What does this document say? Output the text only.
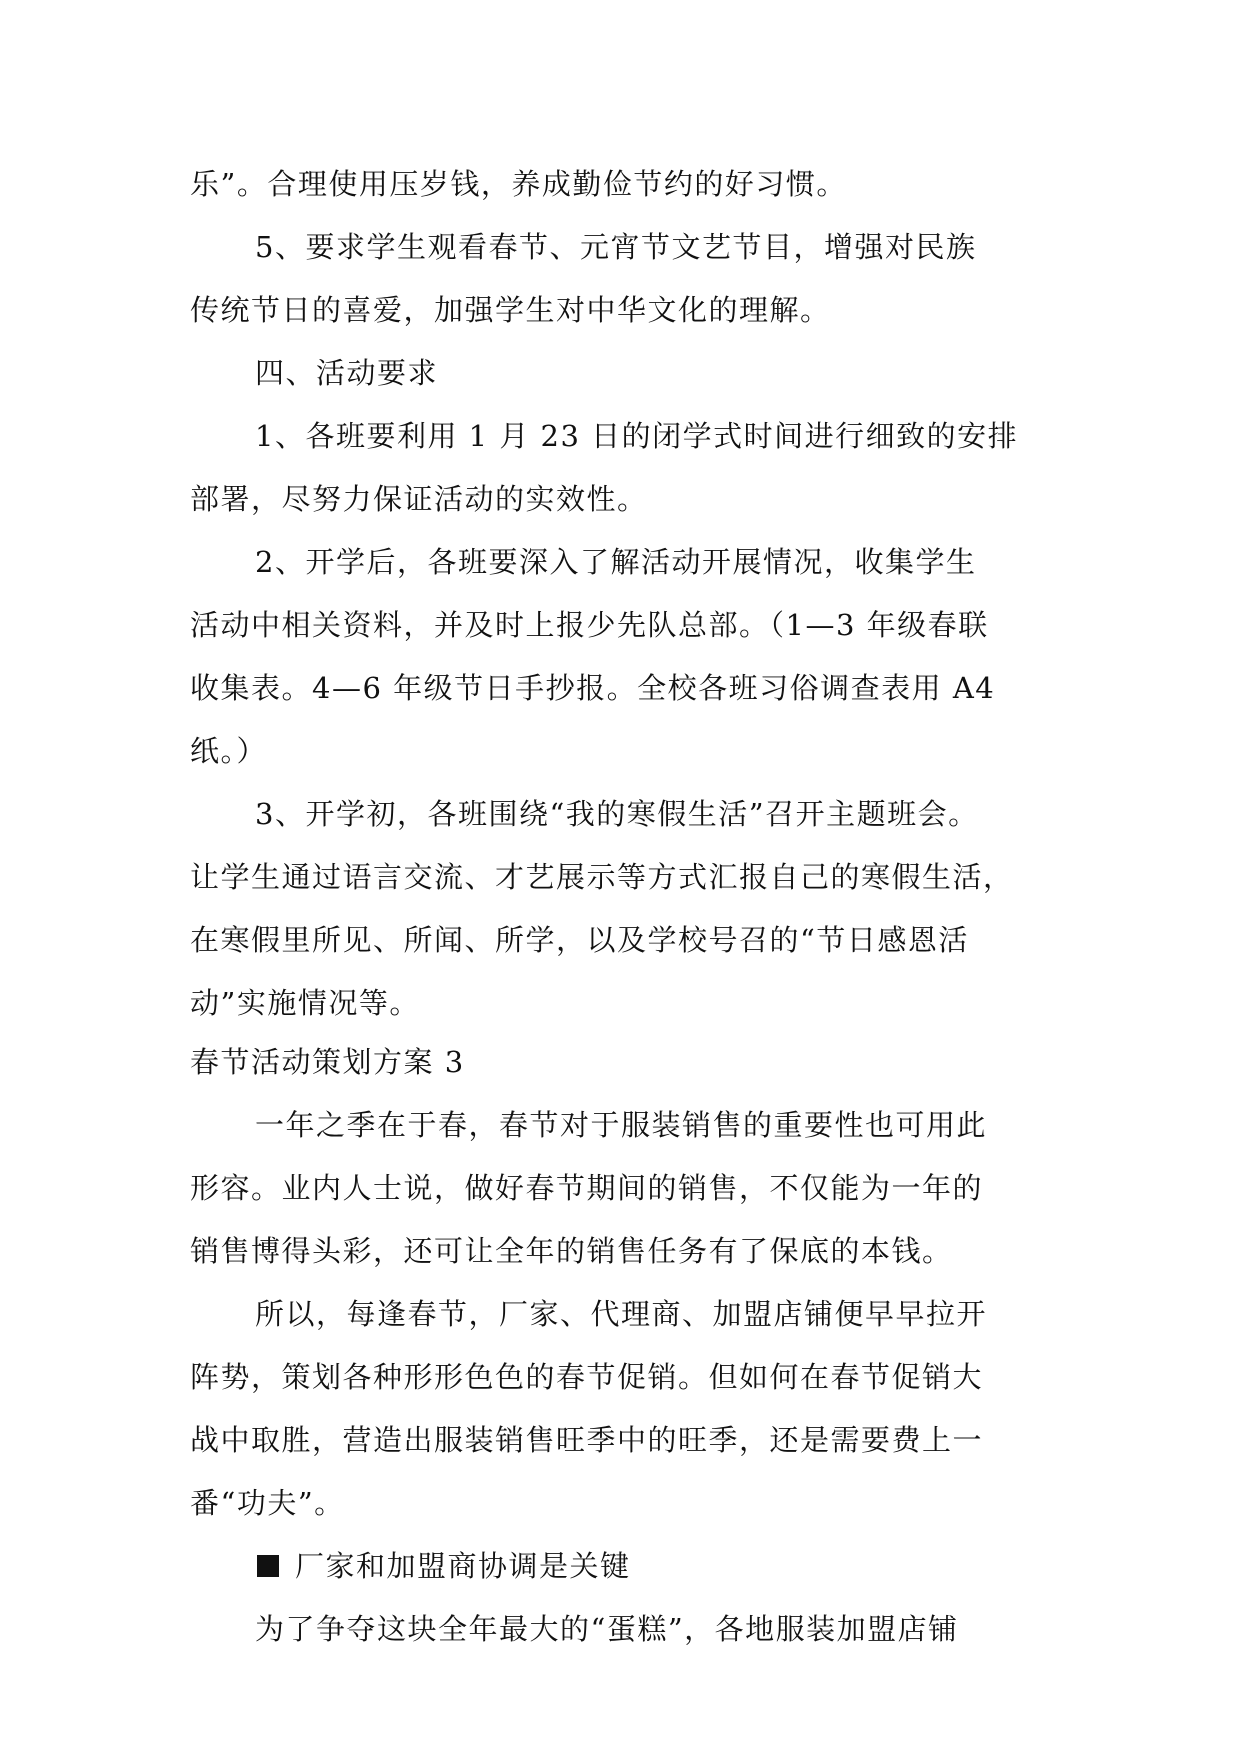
乐”。合理使用压岁钱，养成勤俭节约的好习惯。
5、要求学生观看春节、元宵节文艺节目，增强对民族
传统节日的喜爱，加强学生对中华文化的理解。
四、活动要求
1、各班要利用 1 月 23 日的闭学式时间进行细致的安排
部署，尽努力保证活动的实效性。
2、开学后，各班要深入了解活动开展情况，收集学生
活动中相关资料，并及时上报少先队总部。（1—3 年级春联
收集表。4—6 年级节日手抄报。全校各班习俗调查表用 A4
纸。）
3、开学初，各班围绕“我的寒假生活”召开主题班会。
让学生通过语言交流、才艺展示等方式汇报自己的寒假生活，
在寒假里所见、所闻、所学，以及学校号召的“节日感恩活
动”实施情况等。
春节活动策划方案 3
一年之季在于春，春节对于服装销售的重要性也可用此
形容。业内人士说，做好春节期间的销售，不仅能为一年的
销售博得头彩，还可让全年的销售任务有了保底的本钱。
所以，每逢春节，厂家、代理商、加盟店铺便早早拉开
阵势，策划各种形形色色的春节促销。但如何在春节促销大
战中取胜，营造出服装销售旺季中的旺季，还是需要费上一
番“功夫”。
厂家和加盟商协调是关键
为了争夺这块全年最大的“蛋糕”，各地服装加盟店铺
